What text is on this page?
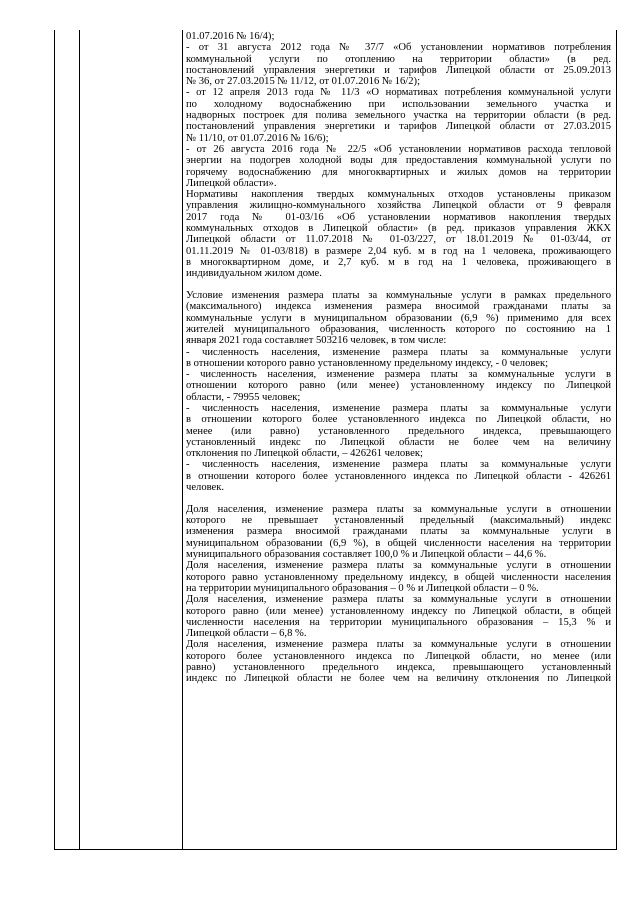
01.07.2016 № 16/4);
- от 31 августа 2012 года № 37/7 «Об установлении нормативов потребления
коммунальной услуги по отоплению на территории области» (в ред.
постановлений управления энергетики и тарифов Липецкой области от 25.09.2013
№ 36, от 27.03.2015 № 11/12, от 01.07.2016 № 16/2);
- от 12 апреля 2013 года № 11/3 «О нормативах потребления коммунальной услуги
по холодному водоснабжению при использовании земельного участка и
надворных построек для полива земельного участка на территории области (в ред.
постановлений управления энергетики и тарифов Липецкой области от 27.03.2015
№ 11/10, от 01.07.2016 № 16/6);
- от 26 августа 2016 года № 22/5 «Об установлении нормативов расхода тепловой
энергии на подогрев холодной воды для предоставления коммунальной услуги по
горячему водоснабжению для многоквартирных и жилых домов на территории
Липецкой области».
Нормативы накопления твердых коммунальных отходов установлены приказом
управления жилищно-коммунального хозяйства Липецкой области от 9 февраля
2017 года № 01-03/16 «Об установлении нормативов накопления твердых
коммунальных отходов в Липецкой области» (в ред. приказов управления ЖКХ
Липецкой области от 11.07.2018 № 01-03/227, от 18.01.2019 № 01-03/44, от
01.11.2019 № 01-03/818) в размере 2,04 куб. м в год на 1 человека, проживающего
в многоквартирном доме, и 2,7 куб. м в год на 1 человека, проживающего в
индивидуальном жилом доме.
Условие изменения размера платы за коммунальные услуги в рамках предельного
(максимального) индекса изменения размера вносимой гражданами платы за
коммунальные услуги в муниципальном образовании (6,9 %) применимо для всех
жителей муниципального образования, численность которого по состоянию на 1
января 2021 года составляет 503216 человек, в том числе:
- численность населения, изменение размера платы за коммунальные услуги
в отношении которого равно установленному предельному индексу, - 0 человек;
- численность населения, изменение размера платы за коммунальные услуги в
отношении которого равно (или менее) установленному индексу по Липецкой
области, - 79955 человек;
- численность населения, изменение размера платы за коммунальные услуги
в отношении которого более установленного индекса по Липецкой области, но
менее (или равно) установленного предельного индекса, превышающего
установленный индекс по Липецкой области не более чем на величину
отклонения по Липецкой области, – 426261 человек;
- численность населения, изменение размера платы за коммунальные услуги
в отношении которого более установленного индекса по Липецкой области - 426261
человек.
Доля населения, изменение размера платы за коммунальные услуги в отношении
которого не превышает установленный предельный (максимальный) индекс
изменения размера вносимой гражданами платы за коммунальные услуги в
муниципальном образовании (6,9 %), в общей численности населения на территории
муниципального образования составляет 100,0 % и Липецкой области – 44,6 %.
Доля населения, изменение размера платы за коммунальные услуги в отношении
которого равно установленному предельному индексу, в общей численности населения
на территории муниципального образования – 0 % и Липецкой области – 0 %.
Доля населения, изменение размера платы за коммунальные услуги в отношении
которого равно (или менее) установленному индексу по Липецкой области, в общей
численности населения на территории муниципального образования – 15,3 % и
Липецкой области – 6,8 %.
Доля населения, изменение размера платы за коммунальные услуги в отношении
которого более установленного индекса по Липецкой области, но менее (или
равно) установленного предельного индекса, превышающего установленный
индекс по Липецкой области не более чем на величину отклонения по Липецкой
